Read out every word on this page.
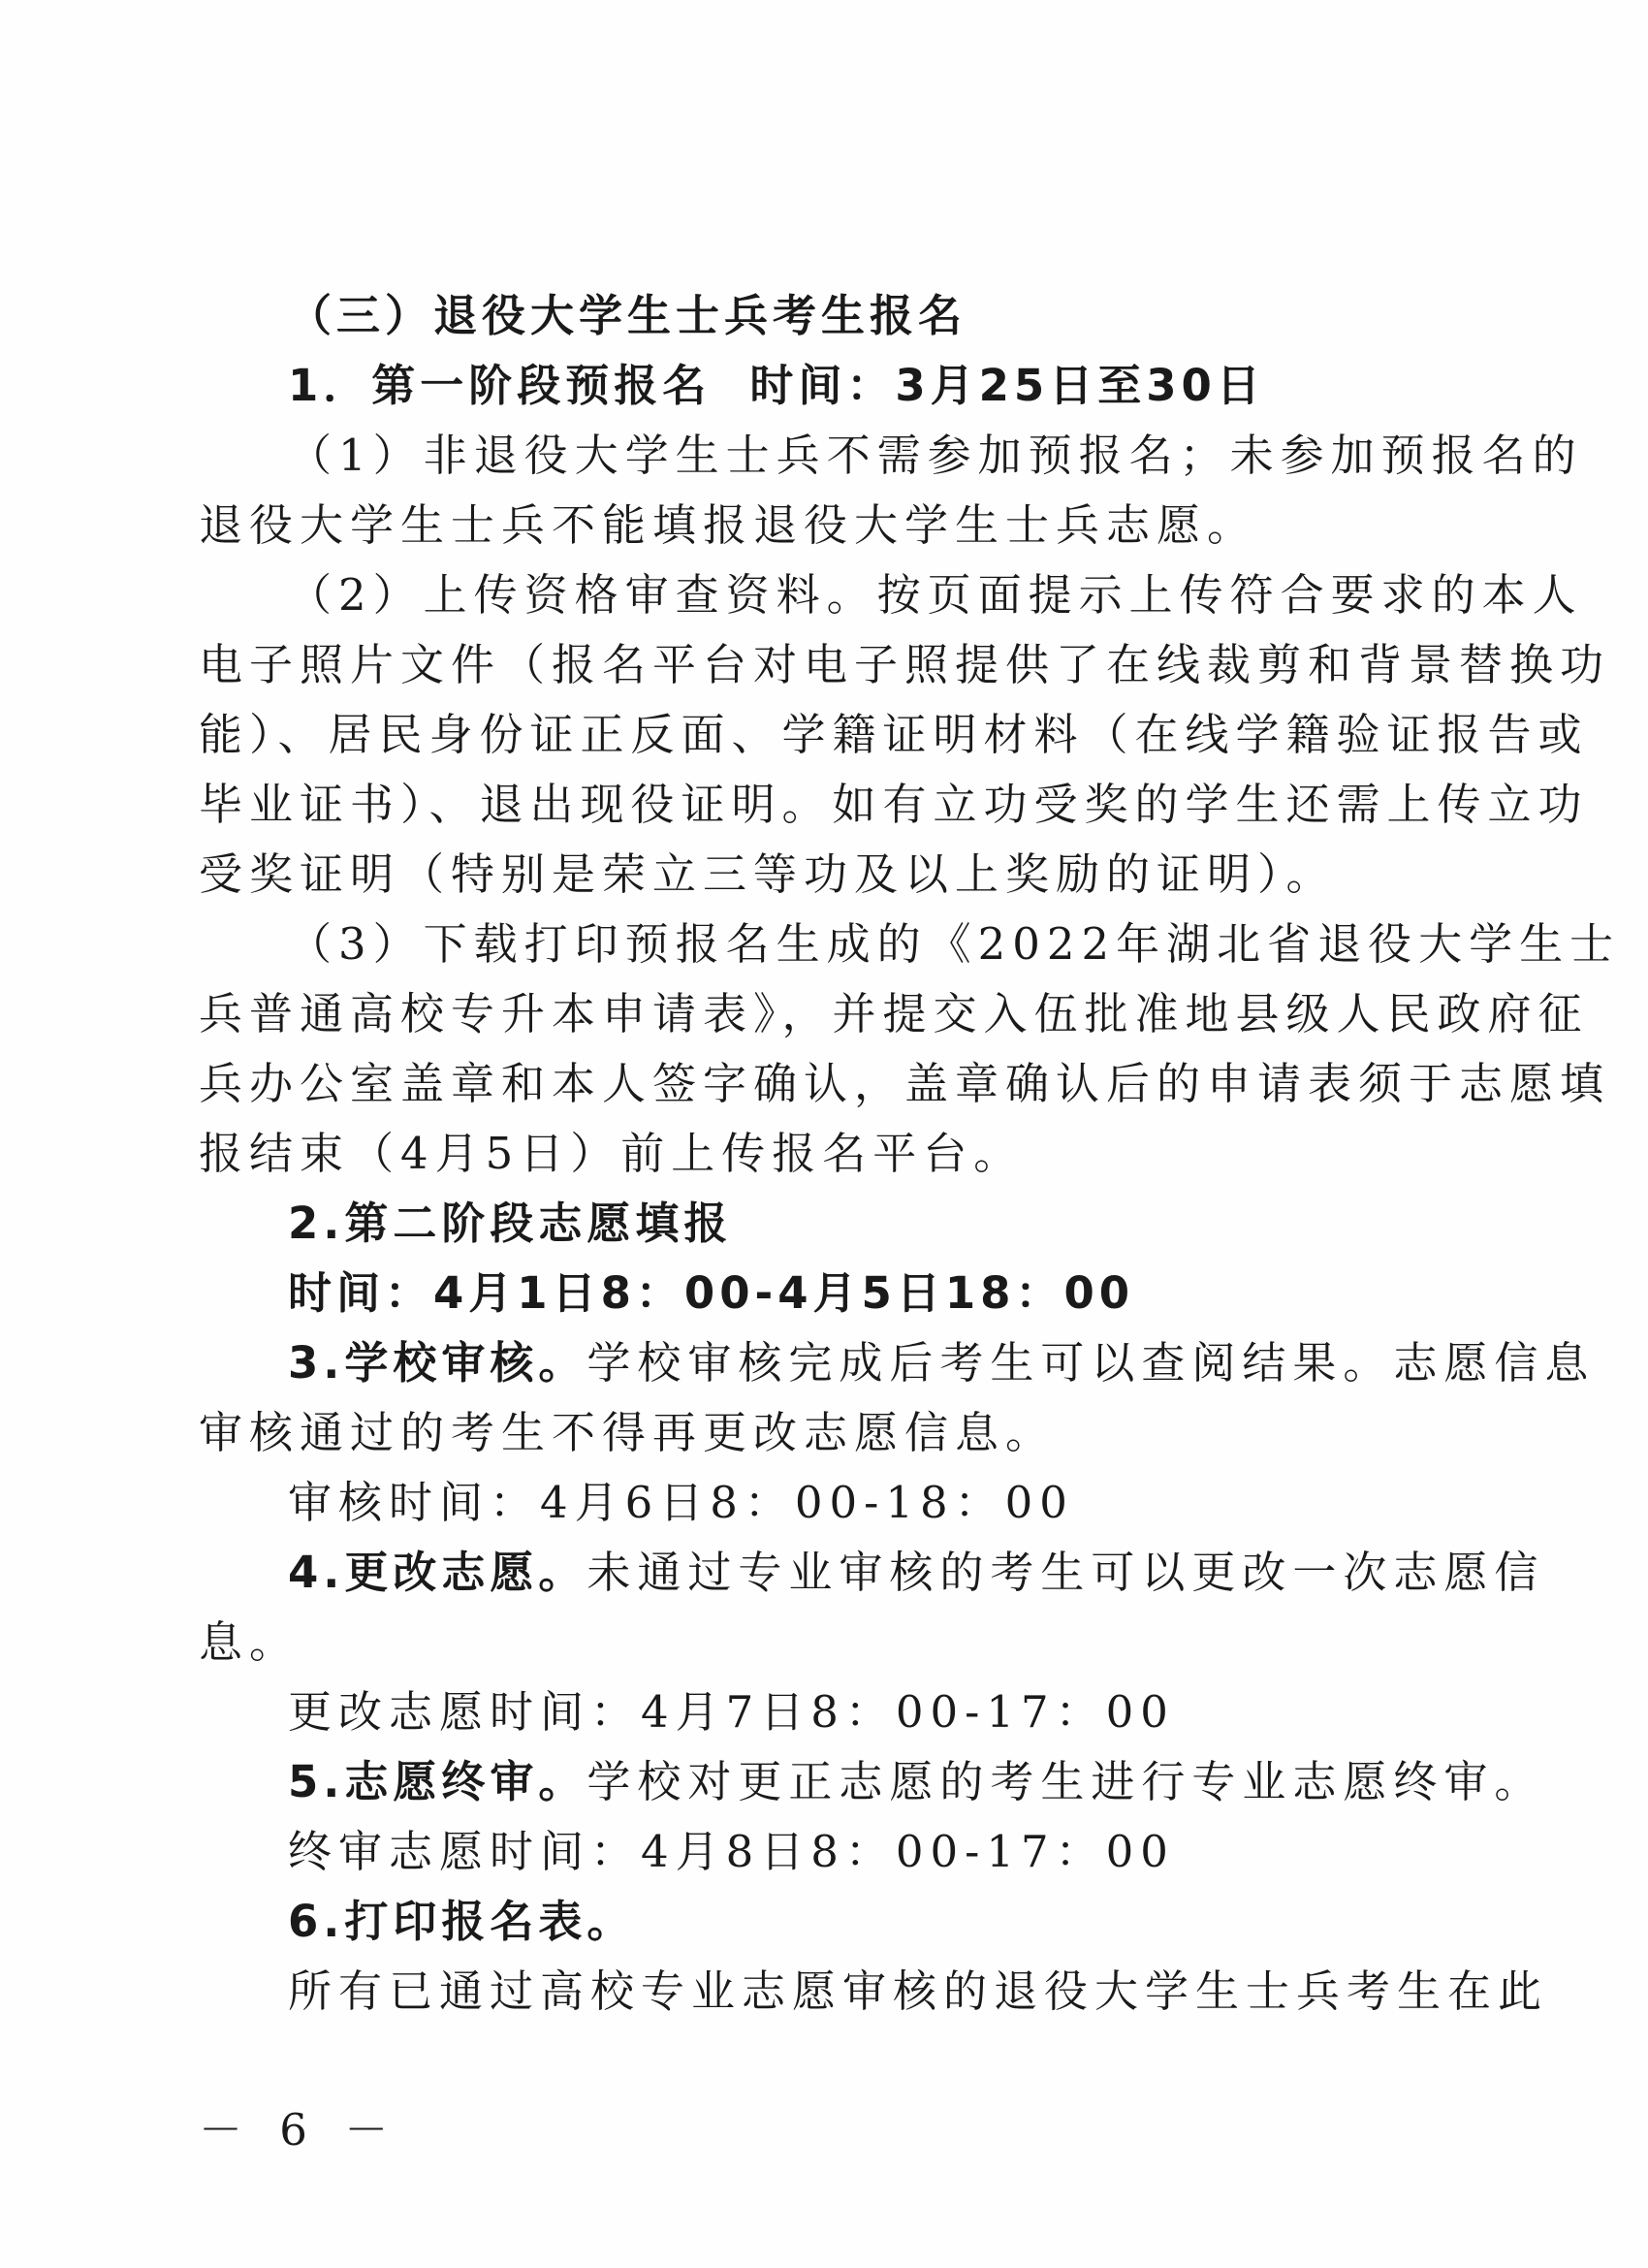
（三）退役大学生士兵考生报名
1．第一阶段预报名 时间：3月25日至30日
（1）非退役大学生士兵不需参加预报名；未参加预报名的
退役大学生士兵不能填报退役大学生士兵志愿。
（2）上传资格审查资料。按页面提示上传符合要求的本人
电子照片文件（报名平台对电子照提供了在线裁剪和背景替换功
能）、居民身份证正反面、学籍证明材料（在线学籍验证报告或
毕业证书）、退出现役证明。如有立功受奖的学生还需上传立功
受奖证明（特别是荣立三等功及以上奖励的证明）。
（3）下载打印预报名生成的《2022年湖北省退役大学生士
兵普通高校专升本申请表》，并提交入伍批准地县级人民政府征
兵办公室盖章和本人签字确认，盖章确认后的申请表须于志愿填
报结束（4月5日）前上传报名平台。
2.第二阶段志愿填报
时间：4月1日8：00-4月5日18：00
3.学校审核。学校审核完成后考生可以查阅结果。志愿信息
审核通过的考生不得再更改志愿信息。
审核时间：4月6日8：00-18：00
4.更改志愿。未通过专业审核的考生可以更改一次志愿信
息。
更改志愿时间：4月7日8：00-17：00
5.志愿终审。学校对更正志愿的考生进行专业志愿终审。
终审志愿时间：4月8日8：00-17：00
6.打印报名表。
所有已通过高校专业志愿审核的退役大学生士兵考生在此
－ 6 －
